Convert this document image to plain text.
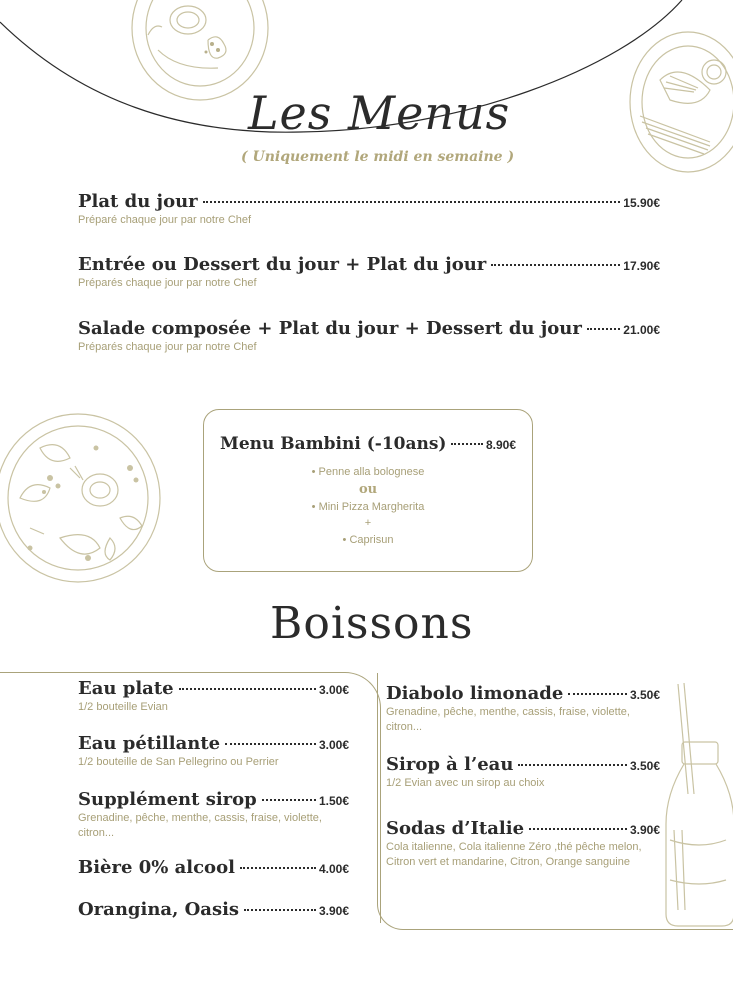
Les Menus
( Uniquement le midi en semaine )
Plat du jour	15.90€
Préparé chaque jour par notre Chef
Entrée ou Dessert du jour + Plat du jour	17.90€
Préparés chaque jour par notre Chef
Salade composée + Plat du jour + Dessert du jour	21.00€
Préparés chaque jour par notre Chef
Menu Bambini (-10ans)	8.90€
• Penne alla bolognese
ou
• Mini Pizza Margherita
+
• Caprisun
Boissons
Eau plate	3.00€
1/2 bouteille Evian
Eau pétillante	3.00€
1/2 bouteille de San Pellegrino ou Perrier
Supplément sirop	1.50€
Grenadine, pêche, menthe, cassis, fraise, violette, citron...
Bière 0% alcool	4.00€
Orangina, Oasis	3.90€
Diabolo limonade	3.50€
Grenadine, pêche, menthe, cassis, fraise, violette, citron...
Sirop à l’eau	3.50€
1/2 Evian avec un sirop au choix
Sodas d’Italie	3.90€
Cola italienne, Cola italienne Zéro ,thé pêche melon, Citron vert et mandarine, Citron, Orange sanguine
